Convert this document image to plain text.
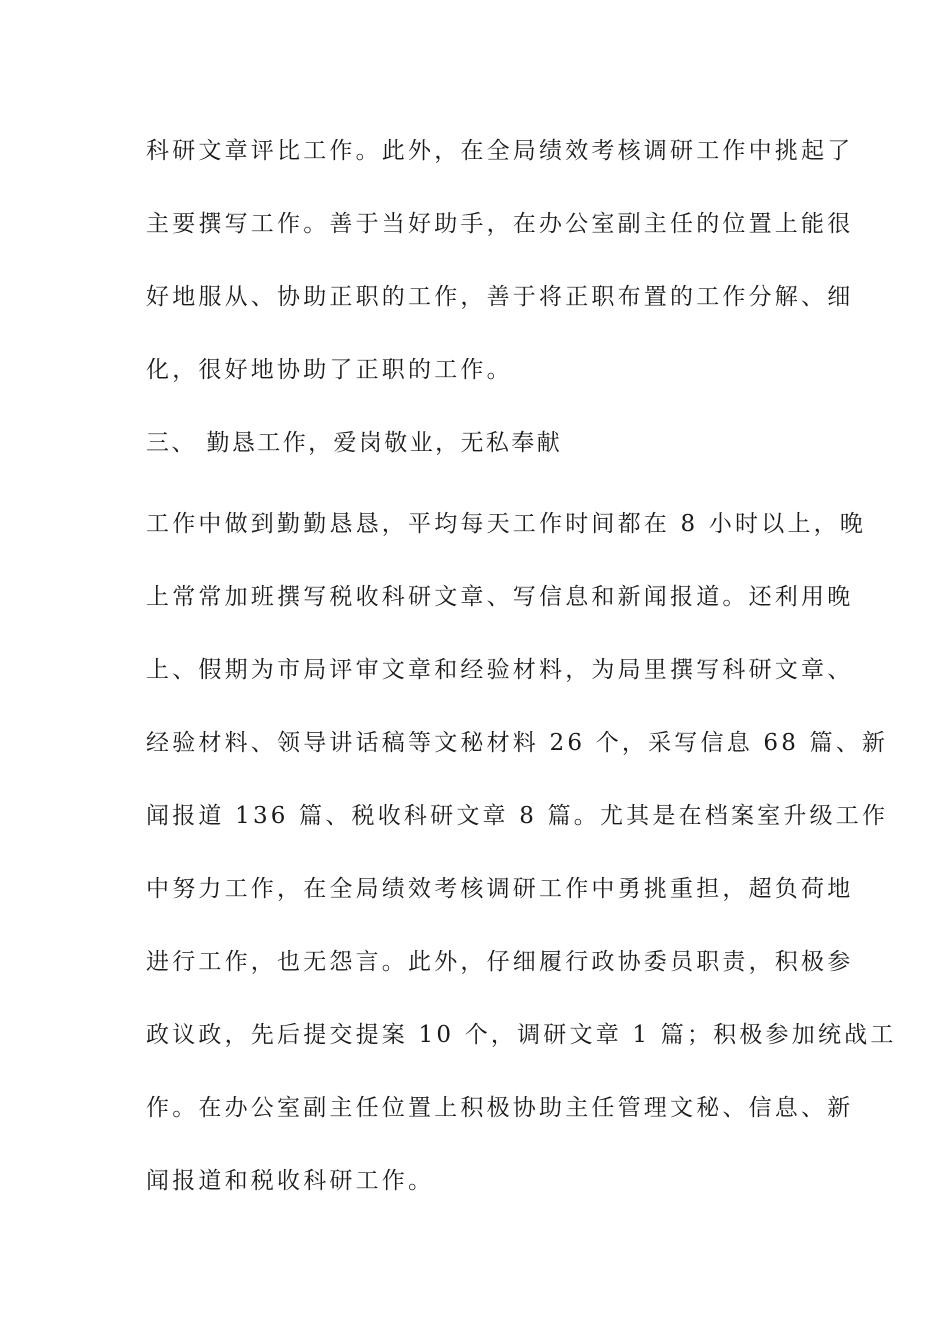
科研文章评比工作。此外，在全局绩效考核调研工作中挑起了
主要撰写工作。善于当好助手，在办公室副主任的位置上能很
好地服从、协助正职的工作，善于将正职布置的工作分解、细
化，很好地协助了正职的工作。
三、 勤恳工作，爱岗敬业，无私奉献
工作中做到勤勤恳恳，平均每天工作时间都在 8 小时以上，晚
上常常加班撰写税收科研文章、写信息和新闻报道。还利用晚
上、假期为市局评审文章和经验材料，为局里撰写科研文章、
经验材料、领导讲话稿等文秘材料 26 个，采写信息 68 篇、新
闻报道 136 篇、税收科研文章 8 篇。尤其是在档案室升级工作
中努力工作，在全局绩效考核调研工作中勇挑重担，超负荷地
进行工作，也无怨言。此外，仔细履行政协委员职责，积极参
政议政，先后提交提案 10 个，调研文章 1 篇；积极参加统战工
作。在办公室副主任位置上积极协助主任管理文秘、信息、新
闻报道和税收科研工作。
